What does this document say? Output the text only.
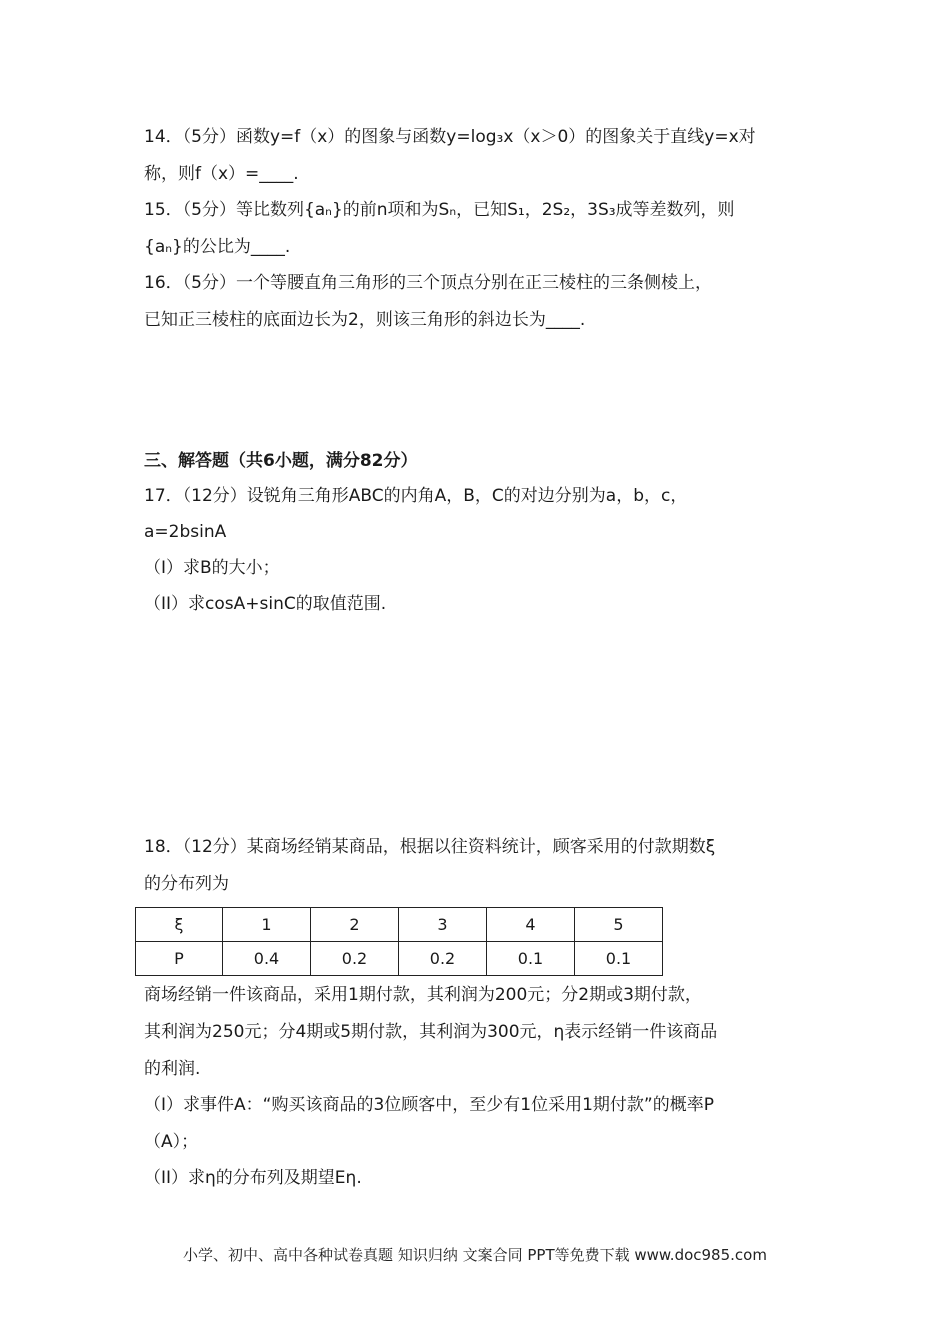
14．（5分）函数y=f（x）的图象与函数y=log₃x（x＞0）的图象关于直线y=x对
称，则f（x）=____.
15．（5分）等比数列{aₙ}的前n项和为Sₙ，已知S₁，2S₂，3S₃成等差数列，则
{aₙ}的公比为____.
16．（5分）一个等腰直角三角形的三个顶点分别在正三棱柱的三条侧棱上，
已知正三棱柱的底面边长为2，则该三角形的斜边长为____.
三、解答题（共6小题，满分82分）
17．（12分）设锐角三角形ABC的内角A，B，C的对边分别为a，b，c，
a=2bsinA
（I）求B的大小；
（II）求cosA+sinC的取值范围.
18．（12分）某商场经销某商品，根据以往资料统计，顾客采用的付款期数ξ
的分布列为
ξ	1	2	3	4	5
P	0.4	0.2	0.2	0.1	0.1
商场经销一件该商品，采用1期付款，其利润为200元；分2期或3期付款，
其利润为250元；分4期或5期付款，其利润为300元，η表示经销一件该商品
的利润.
（I）求事件A：“购买该商品的3位顾客中，至少有1位采用1期付款”的概率P
（A）；
（II）求η的分布列及期望Eη.
小学、初中、高中各种试卷真题 知识归纳 文案合同 PPT等免费下载 www.doc985.com
